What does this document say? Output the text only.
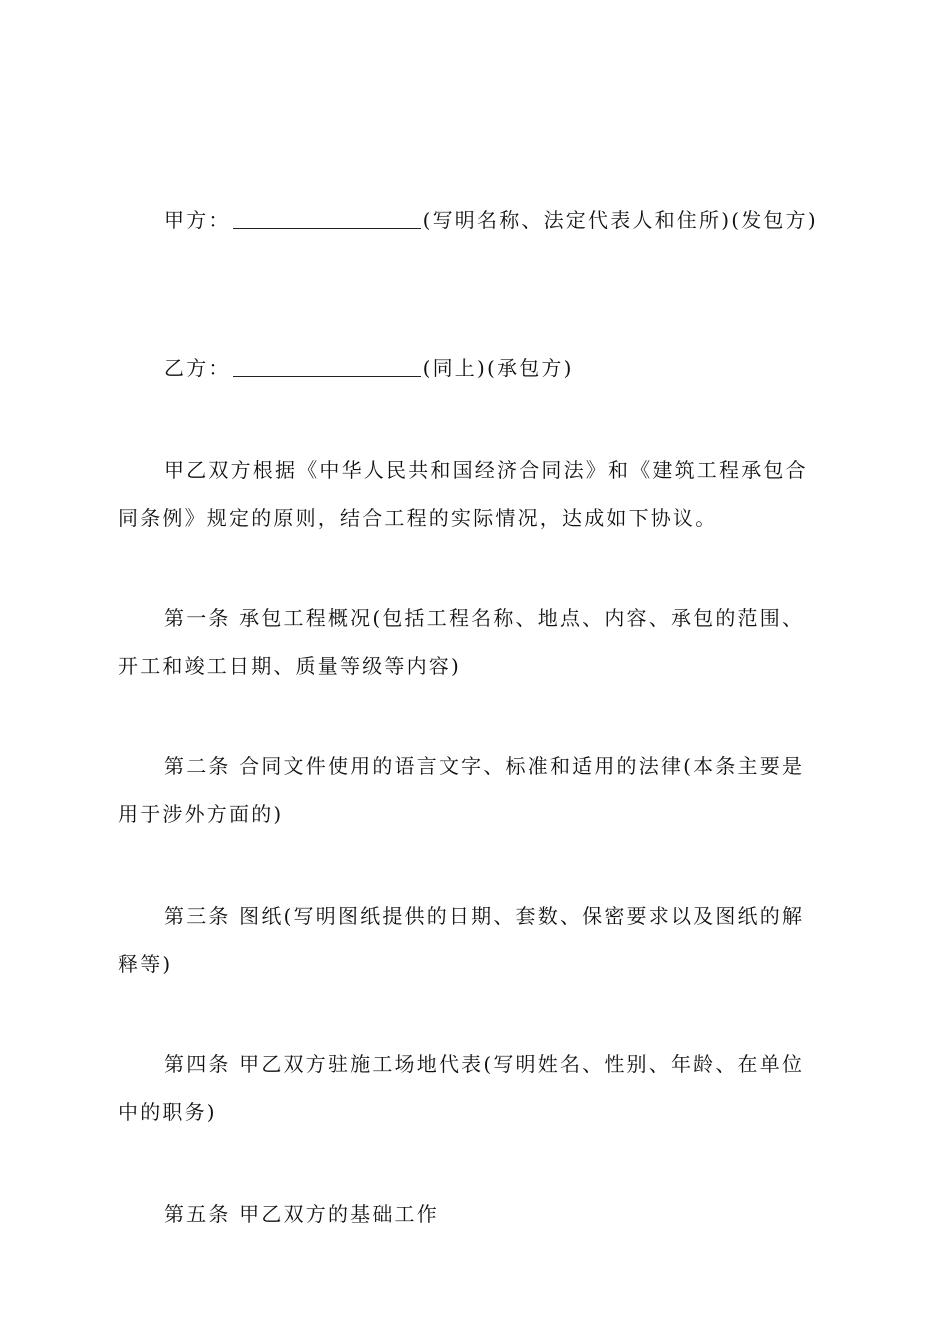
甲方：	(写明名称、法定代表人和住所)(发包方)
乙方：	(同上)(承包方)
甲乙双方根据《中华人民共和国经济合同法》和《建筑工程承包合
同条例》规定的原则，结合工程的实际情况，达成如下协议。
第一条 承包工程概况(包括工程名称、地点、内容、承包的范围、
开工和竣工日期、质量等级等内容)
第二条 合同文件使用的语言文字、标准和适用的法律(本条主要是
用于涉外方面的)
第三条 图纸(写明图纸提供的日期、套数、保密要求以及图纸的解
释等)
第四条 甲乙双方驻施工场地代表(写明姓名、性别、年龄、在单位
中的职务)
第五条 甲乙双方的基础工作
